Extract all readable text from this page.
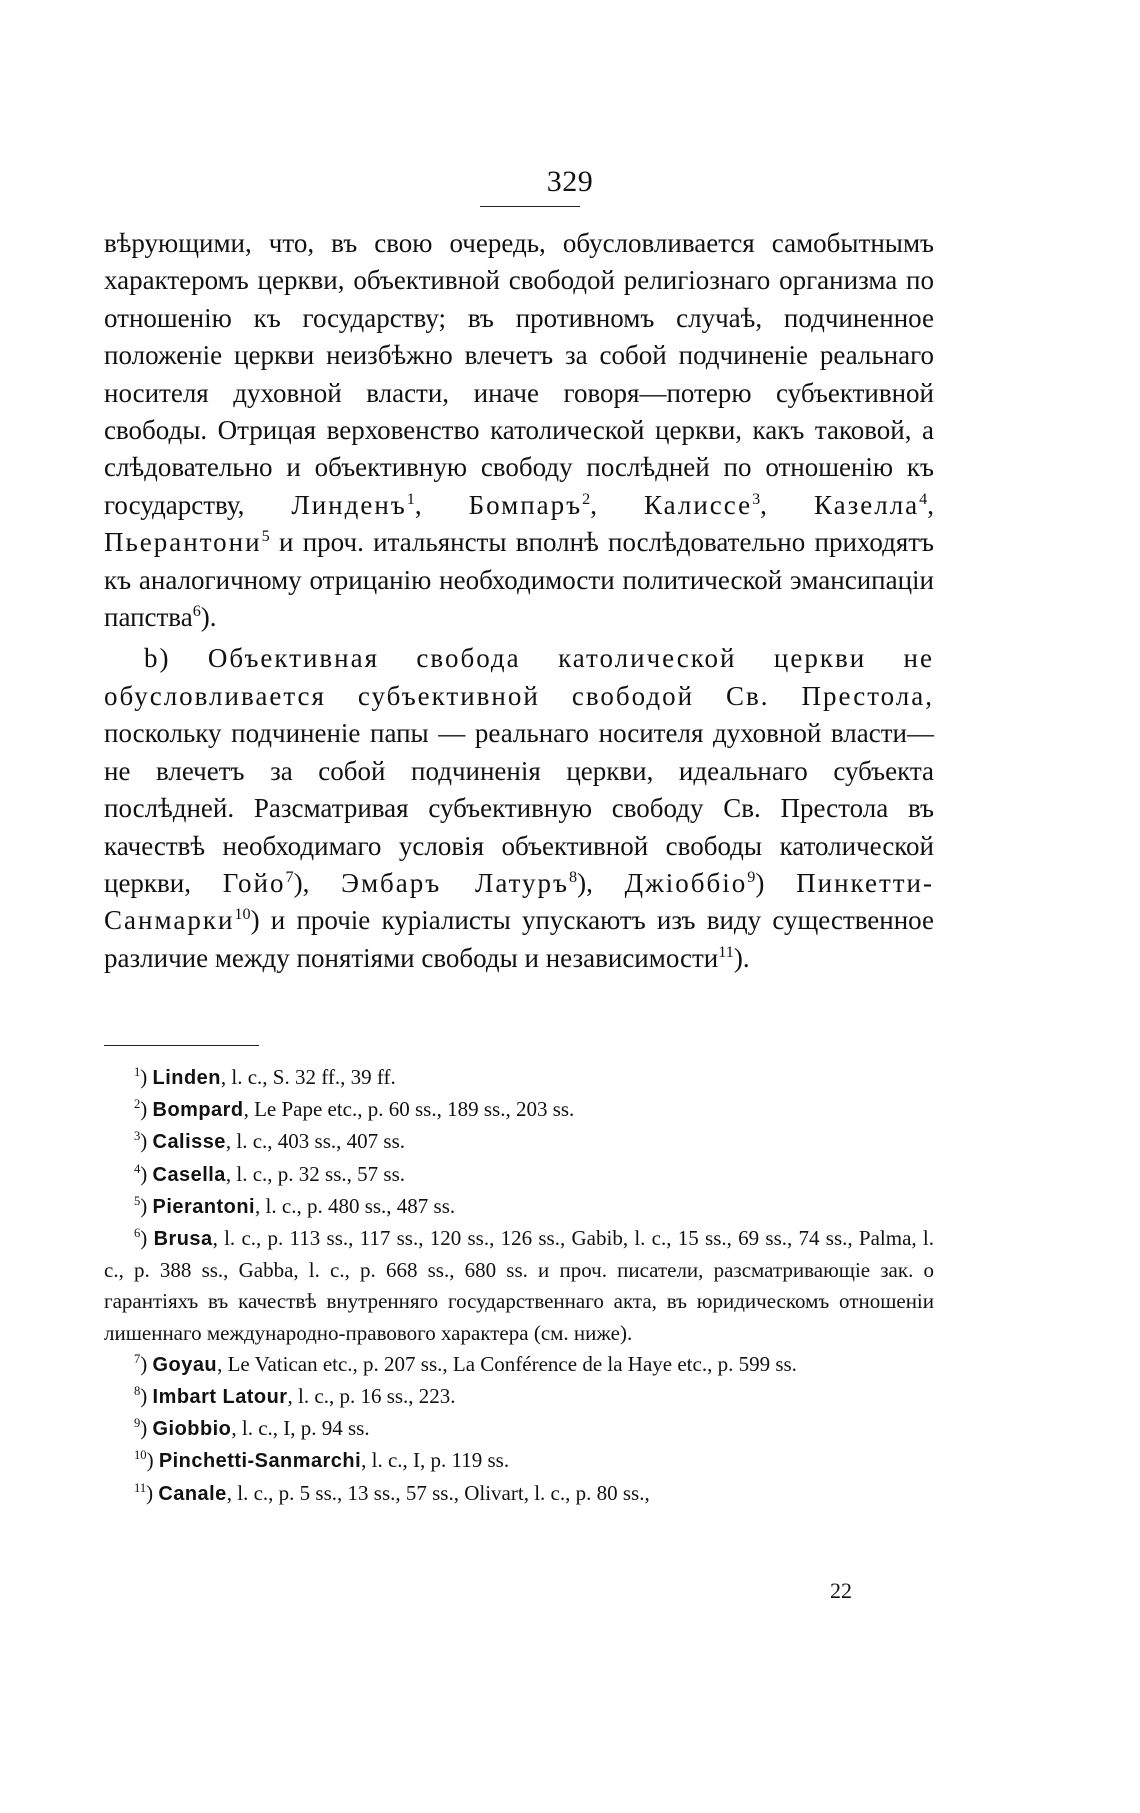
329

вѣрующими, что, въ свою очередь, обусловливается самобытнымъ характеромъ церкви, объективной свободой религіознаго организма по отношенію къ государству; въ противномъ случаѣ, подчиненное положеніе церкви неизбѣжно влечетъ за собой подчиненіе реальнаго носителя духовной власти, иначе говоря—потерю субъективной свободы. Отрицая верховенство католической церкви, какъ таковой, а слѣдовательно и объективную свободу послѣдней по отношенію къ государству, Линденъ$^1$, Бомпаръ$^2$, Калиссе$^3$, Казелла$^4$, Пьерантони$^5$ и проч. итальянсты вполнѣ послѣдовательно приходятъ къ аналогичному отрицанію необходимости политической эмансипаціи папства$^6$).

b) Объективная свобода католической церкви не обусловливается субъективной свободой Св. Престола, поскольку подчиненіе папы — реальнаго носителя духовной власти—не влечетъ за собой подчиненія церкви, идеальнаго субъекта послѣдней. Разсматривая субъективную свободу Св. Престола въ качествѣ необходимаго условія объективной свободы католической церкви, Гойо$^7$), Эмбаръ Латуръ$^8$), Джіоббіо$^9$) Пинкетти-Санмарки$^{10}$) и прочіе куріалисты упускаютъ изъ виду существенное различие между понятіями свободы и независимости$^{11}$).

$^1$) Linden, l. c., S. 32 ff., 39 ff.

$^2$) Bompard, Le Pape etc., p. 60 ss., 189 ss., 203 ss.

$^3$) Calisse, l. c., 403 ss., 407 ss.

$^4$) Casella, l. c., p. 32 ss., 57 ss.

$^5$) Pierantoni, l. c., p. 480 ss., 487 ss.

$^6$) Brusa, l. c., p. 113 ss., 117 ss., 120 ss., 126 ss., Gabib, l. c., 15 ss., 69 ss., 74 ss., Palma, l. c., p. 388 ss., Gabba, l. c., p. 668 ss., 680 ss. и проч. писатели, разсматривающіе зак. о гарантіяхъ въ качествѣ внутренняго государственнаго акта, въ юридическомъ отношеніи лишеннаго международно-правового характера (см. ниже).

$^7$) Goyau, Le Vatican etc., p. 207 ss., La Conférence de la Haye etc., p. 599 ss.

$^8$) Imbart Latour, l. c., p. 16 ss., 223.

$^9$) Giobbio, l. c., I, p. 94 ss.

$^{10}$) Pinchetti-Sanmarchi, l. c., I, p. 119 ss.

$^{11}$) Canale, l. c., p. 5 ss., 13 ss., 57 ss., Olivart, l. c., p. 80 ss.,

22
